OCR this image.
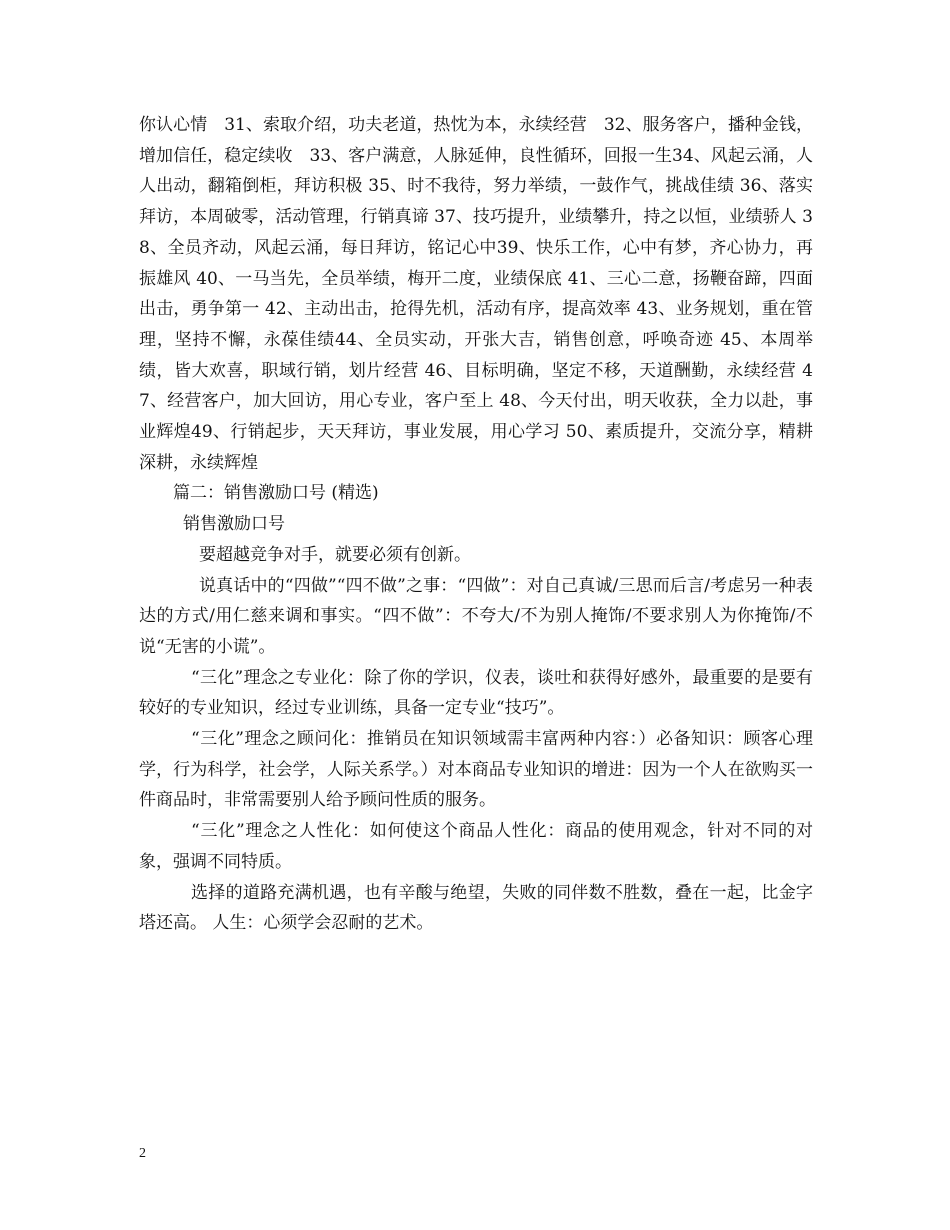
你认心情　31、索取介绍，功夫老道，热忱为本，永续经营　32、服务客户，播种金钱，增加信任，稳定续收　33、客户满意，人脉延伸，良性循环，回报一生34、风起云涌，人人出动，翻箱倒柜，拜访积极 35、时不我待，努力举绩，一鼓作气，挑战佳绩 36、落实拜访，本周破零，活动管理，行销真谛 37、技巧提升，业绩攀升，持之以恒，业绩骄人 38、全员齐动，风起云涌，每日拜访，铭记心中39、快乐工作，心中有梦，齐心协力，再振雄风 40、一马当先，全员举绩，梅开二度，业绩保底 41、三心二意，扬鞭奋蹄，四面出击，勇争第一 42、主动出击，抢得先机，活动有序，提高效率 43、业务规划，重在管理，坚持不懈，永葆佳绩44、全员实动，开张大吉，销售创意，呼唤奇迹 45、本周举绩，皆大欢喜，职域行销，划片经营 46、目标明确，坚定不移，天道酬勤，永续经营 47、经营客户，加大回访，用心专业，客户至上 48、今天付出，明天收获，全力以赴，事业辉煌49、行销起步，天天拜访，事业发展，用心学习 50、素质提升，交流分享，精耕深耕，永续辉煌

篇二：销售激励口号 (精选)

销售激励口号

要超越竞争对手，就要必须有创新。

说真话中的“四做”“四不做”之事：“四做”：对自己真诚/三思而后言/考虑另一种表达的方式/用仁慈来调和事实。“四不做”：不夸大/不为别人掩饰/不要求别人为你掩饰/不说“无害的小谎”。

“三化”理念之专业化：除了你的学识，仪表，谈吐和获得好感外，最重要的是要有较好的专业知识，经过专业训练，具备一定专业“技巧”。

“三化”理念之顾问化：推销员在知识领域需丰富两种内容：）必备知识：顾客心理学，行为科学，社会学，人际关系学。）对本商品专业知识的增进：因为一个人在欲购买一件商品时，非常需要别人给予顾问性质的服务。

“三化”理念之人性化：如何使这个商品人性化：商品的使用观念，针对不同的对象，强调不同特质。

选择的道路充满机遇，也有辛酸与绝望，失败的同伴数不胜数，叠在一起，比金字塔还高。 人生：心须学会忍耐的艺术。

2
